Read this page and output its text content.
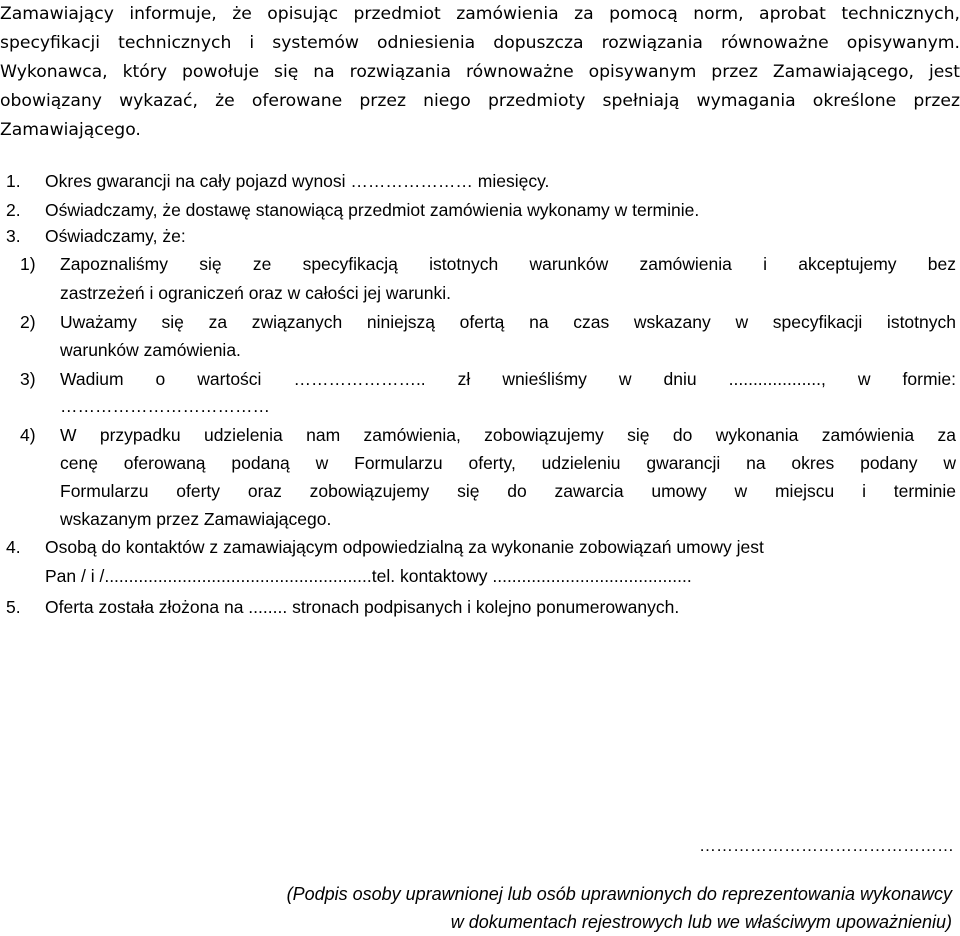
Zamawiający informuje, że opisując przedmiot zamówienia za pomocą norm, aprobat technicznych, specyfikacji technicznych i systemów odniesienia dopuszcza rozwiązania równoważne opisywanym. Wykonawca, który powołuje się na rozwiązania równoważne opisywanym przez Zamawiającego, jest obowiązany wykazać, że oferowane przez niego przedmioty spełniają wymagania określone przez Zamawiającego.

1. Okres gwarancji na cały pojazd wynosi ………………… miesięcy.
2. Oświadczamy, że dostawę stanowiącą przedmiot zamówienia wykonamy w terminie.
3. Oświadczamy, że:
1) Zapoznaliśmy się ze specyfikacją istotnych warunków zamówienia i akceptujemy bez
zastrzeżeń i ograniczeń oraz w całości jej warunki.
2) Uważamy się za związanych niniejszą ofertą na czas wskazany w specyfikacji istotnych
warunków zamówienia.
3) Wadium o wartości ………………….. zł wnieśliśmy w dniu ..................., w formie:
………………………………
4) W przypadku udzielenia nam zamówienia, zobowiązujemy się do wykonania zamówienia za
cenę oferowaną podaną w Formularzu oferty, udzieleniu gwarancji na okres podany w
Formularzu oferty oraz zobowiązujemy się do zawarcia umowy w miejscu i terminie
wskazanym przez Zamawiającego.
4. Osobą do kontaktów z zamawiającym odpowiedzialną za wykonanie zobowiązań umowy jest
Pan / i /.......................................................tel. kontaktowy .........................................
5. Oferta została złożona na ........ stronach podpisanych i kolejno ponumerowanych.
………………………………………
(Podpis osoby uprawnionej lub osób uprawnionych do reprezentowania wykonawcy
w dokumentach rejestrowych lub we właściwym upoważnieniu)
